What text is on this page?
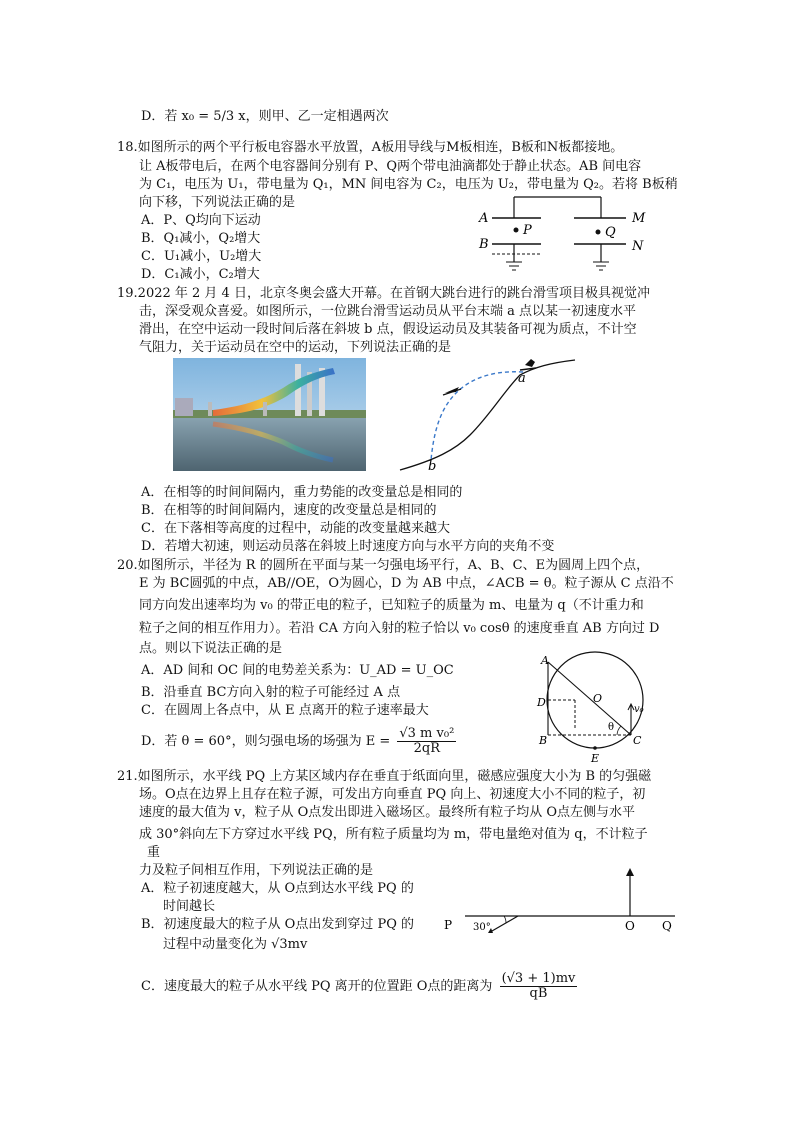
D．若 x₀ = 5/3 x，则甲、乙一定相遇两次
18.如图所示的两个平行板电容器水平放置，A板用导线与M板相连，B板和N板都接地。
让 A板带电后，在两个电容器间分别有 P、Q两个带电油滴都处于静止状态。AB 间电容
为 C₁，电压为 U₁，带电量为 Q₁，MN 间电容为 C₂，电压为 U₂，带电量为 Q₂。若将 B板稍
向下移，下列说法正确的是
A．P、Q均向下运动
B．Q₁减小，Q₂增大
C．U₁减小，U₂增大
D．C₁减小，C₂增大
A
B
M
N
P	Q
19.2022 年 2 月 4 日，北京冬奥会盛大开幕。在首钢大跳台进行的跳台滑雪项目极具视觉冲
击，深受观众喜爱。如图所示，一位跳台滑雪运动员从平台末端 a 点以某一初速度水平
滑出，在空中运动一段时间后落在斜坡 b 点，假设运动员及其装备可视为质点，不计空
气阻力，关于运动员在空中的运动，下列说法正确的是
a
b
A．在相等的时间间隔内，重力势能的改变量总是相同的
B．在相等的时间间隔内，速度的改变量总是相同的
C．在下落相等高度的过程中，动能的改变量越来越大
D．若增大初速，则运动员落在斜坡上时速度方向与水平方向的夹角不变
20.如图所示，半径为 R 的圆所在平面与某一匀强电场平行，A、B、C、E为圆周上四个点，
E 为 BC圆弧的中点，AB//OE，O为圆心，D 为 AB 中点，∠ACB = θ。粒子源从 C 点沿不
同方向发出速率均为 v₀ 的带正电的粒子，已知粒子的质量为 m、电量为 q（不计重力和
粒子之间的相互作用力）。若沿 CA 方向入射的粒子恰以 v₀ cosθ 的速度垂直 AB 方向过 D
点。则以下说法正确的是
A．AD 间和 OC 间的电势差关系为：U_AD = U_OC
B．沿垂直 BC方向入射的粒子可能经过 A 点
C．在圆周上各点中，从 E 点离开的粒子速率最大
D．若 θ = 60°，则匀强电场的场强为 $E = \frac{\text{√3 m v₀²}}{2qR}$
A
B	C
D
E
O
θ
v₀
21.如图所示，水平线 PQ 上方某区域内存在垂直于纸面向里，磁感应强度大小为 B 的匀强磁
场。O点在边界上且存在粒子源，可发出方向垂直 PQ 向上、初速度大小不同的粒子，初
速度的最大值为 v，粒子从 O点发出即进入磁场区。最终所有粒子均从 O点左侧与水平
成 30°斜向左下方穿过水平线 PQ，所有粒子质量均为 m，带电量绝对值为 q，不计粒子
重
力及粒子间相互作用，下列说法正确的是
A．粒子初速度越大，从 O点到达水平线 PQ 的
时间越长
B．初速度最大的粒子从 O点出发到穿过 PQ 的
过程中动量变化为 √3mv
C．速度最大的粒子从水平线 PQ 离开的位置距 O点的距离为 $\frac{(√3 + 1)mv}{qB}$
P 30°	O Q
